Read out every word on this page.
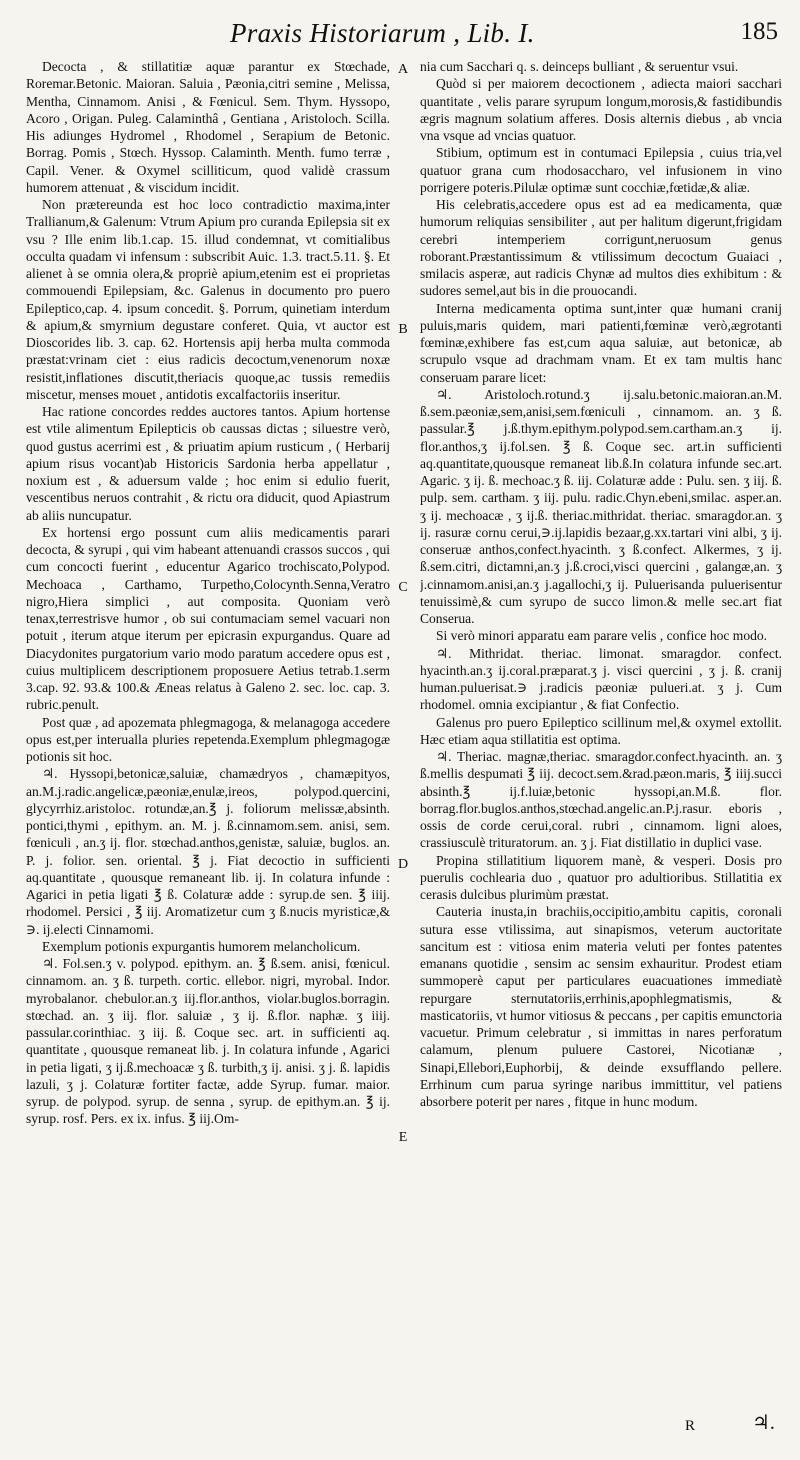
Praxis Historiarum , Lib. I.	185

Decocta , & stillatitiæ aquæ parantur ex Stœchade, Roremar.Betonic. Maioran. Saluia , Pæonia,citri semine , Melissa, Mentha, Cinnamom. Anisi , & Fœnicul. Sem. Thym. Hyssopo, Acoro , Origan. Puleg. Calaminthâ , Gentiana , Aristoloch. Scilla. His adiunges Hydromel , Rhodomel , Serapium de Betonic. Borrag. Pomis , Stœch. Hyssop. Calaminth. Menth. fumo terræ , Capil. Vener. & Oxymel scilliticum, quod validè crassum humorem attenuat , & viscidum incidit.

Non prætereunda est hoc loco contradictio maxima,inter Trallianum,& Galenum: Vtrum Apium pro curanda Epilepsia sit ex vsu ? Ille enim lib.1.cap. 15. illud condemnat, vt comitialibus occulta quadam vi infensum : subscribit Auic. 1.3. tract.5.11. §. Et alienet à se omnia olera,& propriè apium,etenim est ei proprietas commouendi Epilepsiam, &c. Galenus in documento pro puero Epileptico,cap. 4. ipsum concedit. §. Porrum, quinetiam interdum & apium,& smyrnium degustare conferet. Quia, vt auctor est Dioscorides lib. 3. cap. 62. Hortensis apij herba multa commoda præstat:vrinam ciet : eius radicis decoctum,venenorum noxæ resistit,inflationes discutit,theriacis quoque,ac tussis remediis miscetur, menses mouet , antidotis excalfactoriis inseritur.

Hac ratione concordes reddes auctores tantos. Apium hortense est vtile alimentum Epilepticis ob caussas dictas ; siluestre verò, quod gustus acerrimi est , & priuatim apium rusticum , ( Herbarij apium risus vocant)ab Historicis Sardonia herba appellatur , noxium est , & aduersum valde ; hoc enim si edulio fuerit, vescentibus neruos contrahit , & rictu ora diducit, quod Apiastrum ab aliis nuncupatur.

Ex hortensi ergo possunt cum aliis medicamentis parari decocta, & syrupi , qui vim habeant attenuandi crassos succos , qui cum concocti fuerint , educentur Agarico trochiscato,Polypod. Mechoaca , Carthamo, Turpetho,Colocynth.Senna,Veratro nigro,Hiera simplici , aut composita. Quoniam verò tenax,terrestrisve humor , ob sui contumaciam semel vacuari non potuit , iterum atque iterum per epicrasin expurgandus. Quare ad Diacydonites purgatorium vario modo paratum accedere opus est , cuius multiplicem descriptionem proposuere Aetius tetrab.1.serm 3.cap. 92. 93.& 100.& Æneas relatus à Galeno 2. sec. loc. cap. 3. rubric.penult.

Post quæ , ad apozemata phlegmagoga, & melanagoga accedere opus est,per interualla pluries repetenda.Exemplum phlegmagogæ potionis sit hoc.

♃. Hyssopi,betonicæ,saluiæ, chamædryos , chamæpityos, an.M.j.radic.angelicæ,pæoniæ,enulæ,ireos, polypod.quercini, glycyrrhiz.aristoloc. rotundæ,an.℥ j. foliorum melissæ,absinth. pontici,thymi , epithym. an. M. j. ß.cinnamom.sem. anisi, sem. fœniculi , an.ʒ ij. flor. stœchad.anthos,genistæ, saluiæ, buglos. an. P. j. folior. sen. oriental. ℥ j. Fiat decoctio in sufficienti aq.quantitate , quousque remaneant lib. ij. In colatura infunde : Agarici in petia ligati ℥ ß. Colaturæ adde : syrup.de sen. ℥ iiij. rhodomel. Persici , ℥ iij. Aromatizetur cum ʒ ß.nucis myristicæ,& ∋. ij.electi Cinnamomi.

Exemplum potionis expurgantis humorem melancholicum.

♃. Fol.sen.ʒ v. polypod. epithym. an. ℥ ß.sem. anisi, fœnicul. cinnamom. an. ʒ ß. turpeth. cortic. ellebor. nigri, myrobal. Indor. myrobalanor. chebulor.an.ʒ iij.flor.anthos, violar.buglos.borragin. stœchad. an. ʒ iij. flor. saluiæ , ʒ ij. ß.flor. naphæ. ʒ iiij. passular.corinthiac. ʒ iij. ß. Coque sec. art. in sufficienti aq. quantitate , quousque remaneat lib. j. In colatura infunde , Agarici in petia ligati, ʒ ij.ß.mechoacæ ʒ ß. turbith,ʒ ij. anisi. ʒ j. ß. lapidis lazuli, ʒ j. Colaturæ fortiter factæ, adde Syrup. fumar. maior. syrup. de polypod. syrup. de senna , syrup. de epithym.an. ℥ ij. syrup. rosf. Pers. ex ix. infus. ℥ iij.Om-

A
B
C
D
E

nia cum Sacchari q. s. deinceps bulliant , & seruentur vsui.

Quòd si per maiorem decoctionem , adiecta maiori sacchari quantitate , velis parare syrupum longum,morosis,& fastidibundis ægris magnum solatium afferes. Dosis alternis diebus , ab vncia vna vsque ad vncias quatuor.

Stibium, optimum est in contumaci Epilepsia , cuius tria,vel quatuor grana cum rhodosaccharo, vel infusionem in vino porrigere poteris.Pilulæ optimæ sunt cocchiæ,fœtidæ,& aliæ.

His celebratis,accedere opus est ad ea medicamenta, quæ humorum reliquias sensibiliter , aut per halitum digerunt,frigidam cerebri intemperiem corrigunt,neruosum genus roborant.Præstantissimum & vtilissimum decoctum Guaiaci , smilacis asperæ, aut radicis Chynæ ad multos dies exhibitum : & sudores semel,aut bis in die prouocandi.

Interna medicamenta optima sunt,inter quæ humani cranij puluis,maris quidem, mari patienti,fœminæ verò,ægrotanti fœminæ,exhibere fas est,cum aqua saluiæ, aut betonicæ, ab scrupulo vsque ad drachmam vnam. Et ex tam multis hanc conseruam parare licet:

♃. Aristoloch.rotund.ʒ ij.salu.betonic.maioran.an.M. ß.sem.pæoniæ,sem,anisi,sem.fœniculi , cinnamom. an. ʒ ß. passular.℥ j.ß.thym.epithym.polypod.sem.cartham.an.ʒ ij. flor.anthos,ʒ ij.fol.sen. ℥ ß. Coque sec. art.in sufficienti aq.quantitate,quousque remaneat lib.ß.In colatura infunde sec.art. Agaric. ʒ ij. ß. mechoac.ʒ ß. iij. Colaturæ adde : Pulu. sen. ʒ iij. ß. pulp. sem. cartham. ʒ iij. pulu. radic.Chyn.ebeni,smilac. asper.an. ʒ ij. mechoacæ , ʒ ij.ß. theriac.mithridat. theriac. smaragdor.an. ʒ ij. rasuræ cornu cerui,∋.ij.lapidis bezaar,g.xx.tartari vini albi, ʒ ij. conseruæ anthos,confect.hyacinth. ʒ ß.confect. Alkermes, ʒ ij. ß.sem.citri, dictamni,an.ʒ j.ß.croci,visci quercini , galangæ,an. ʒ j.cinnamom.anisi,an.ʒ j.agallochi,ʒ ij. Puluerisanda puluerisentur tenuissimè,& cum syrupo de succo limon.& melle sec.art fiat Conserua.

Si verò minori apparatu eam parare velis , confice hoc modo.

♃. Mithridat. theriac. limonat. smaragdor. confect. hyacinth.an.ʒ ij.coral.præparat.ʒ j. visci quercini , ʒ j. ß. cranij human.puluerisat.∋ j.radicis pæoniæ pulueri.at. ʒ j. Cum rhodomel. omnia excipiantur , & fiat Confectio.

Galenus pro puero Epileptico scillinum mel,& oxymel extollit. Hæc etiam aqua stillatitia est optima.

♃. Theriac. magnæ,theriac. smaragdor.confect.hyacinth. an. ʒ ß.mellis despumati ℥ iij. decoct.sem.&rad.pæon.maris, ℥ iiij.succi absinth.℥ ij.f.luiæ,betonic hyssopi,an.M.ß. flor. borrag.flor.buglos.anthos,stœchad.angelic.an.P.j.rasur. eboris , ossis de corde cerui,coral. rubri , cinnamom. ligni aloes, crassiusculè trituratorum. an. ʒ j. Fiat distillatio in duplici vase.

Propina stillatitium liquorem manè, & vesperi. Dosis pro puerulis cochlearia duo , quatuor pro adultioribus. Stillatitia ex cerasis dulcibus plurimùm præstat.

Cauteria inusta,in brachiis,occipitio,ambitu capitis, coronali sutura esse vtilissima, aut sinapismos, veterum auctoritate sancitum est : vitiosa enim materia veluti per fontes patentes emanans quotidie , sensim ac sensim exhauritur. Prodest etiam summoperè caput per particulares euacuationes immediatè repurgare sternutatoriis,errhinis,apophlegmatismis, & masticatoriis, vt humor vitiosus & peccans , per capitis emunctoria vacuetur. Primum celebratur , si immittas in nares perforatum calamum, plenum puluere Castorei, Nicotianæ , Sinapi,Ellebori,Euphorbij, & deinde exsufflando pellere. Errhinum cum parua syringe naribus immittitur, vel patiens absorbere poterit per nares , fitque in hunc modum.

R	♃.
